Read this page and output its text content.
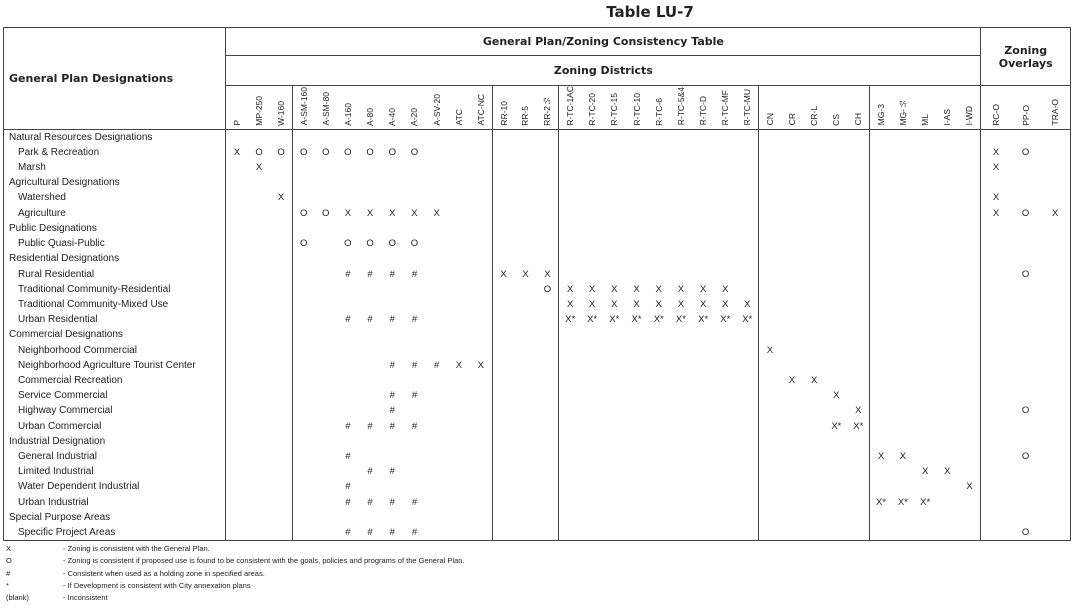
Table LU-7
General Plan Designations	General Plan/Zoning Consistency Table																																		Zoning Overlays		
	Zoning Districts																																				

	P	MP-250	W-160	A-SM-160	A-SM-80	A-160	A-80	A-40	A-20	A-SV-20	ATC	ATC-NC	RR-10	RR-5	RR-2½	R-TC-1AC	R-TC-20	R-TC-15	R-TC-10	R-TC-6	R-TC-5&4	R-TC-D	R-TC-MF	R-TC-MU	CN	CR	CR-L	CS	CH	MG-3	MG-½	ML	I-AS	I-WD	RC-O	PP-O	TRA-O

Natural Resources Designations																																					
Park & Recreation	X	O	O	O	O	O	O	O	O																										X	O	
Marsh		X																																	X		
Agricultural Designations																																					
Watershed			X																																X		
Agriculture				O	O	X	X	X	X	X																									X	O	X
Public Designations																																					
Public Quasi-Public				O		O	O	O	O																												
Residential Designations																																					
Rural Residential						#	#	#	#				X	X	X																					O	
Traditional Community-Residential															O	X	X	X	X	X	X	X	X														
Traditional Community-Mixed Use																X	X	X	X	X	X	X	X	X													
Urban Residential						#	#	#	#							X*	X*	X*	X*	X*	X*	X*	X*	X*													
Commercial Designations																																					
Neighborhood Commercial																									X												
Neighborhood Agriculture Tourist Center								#	#	#	X	X																									
Commercial Recreation																										X	X										
Service Commercial								#	#																			X									
Highway Commercial								#																					X							O	
Urban Commercial						#	#	#	#																			X*	X*								
Industrial Designation																																					
General Industrial						#																								X	X					O	
Limited Industrial							#	#																								X	X				
Water Dependent Industrial						#																												X			
Urban Industrial						#	#	#	#																					X*	X*	X*					
Special Purpose Areas																																					
Specific Project Areas						#	#	#	#																											O	
X	- Zoning is consistent with the General Plan.
O	- Zoning is consistent if proposed use is found to be consistent with the goals, policies and programs of the General Plan.
#	- Consistent when used as a holding zone in specified areas.
*	- If Development is consistent with City annexation plans
(blank)	- Inconsistent
